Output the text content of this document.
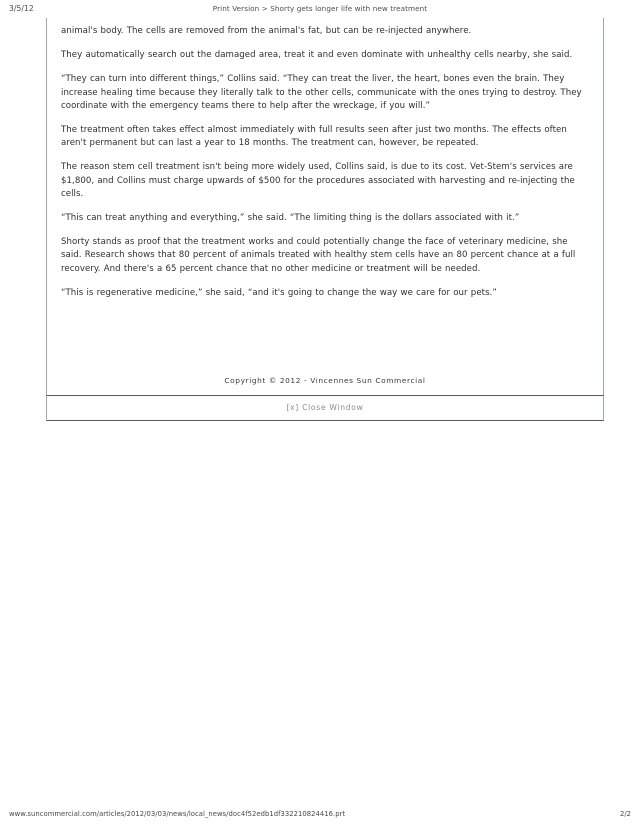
3/5/12	Print Version > Shorty gets longer life with new treatment

animal's body. The cells are removed from the animal's fat, but can be re-injected anywhere.

They automatically search out the damaged area, treat it and even dominate with unhealthy cells nearby, she said.

“They can turn into different things,” Collins said. “They can treat the liver, the heart, bones even the brain. They increase healing time because they literally talk to the other cells, communicate with the ones trying to destroy. They coordinate with the emergency teams there to help after the wreckage, if you will.”

The treatment often takes effect almost immediately with full results seen after just two months. The effects often aren't permanent but can last a year to 18 months. The treatment can, however, be repeated.

The reason stem cell treatment isn't being more widely used, Collins said, is due to its cost. Vet-Stem's services are $1,800, and Collins must charge upwards of $500 for the procedures associated with harvesting and re-injecting the cells.

“This can treat anything and everything,” she said. “The limiting thing is the dollars associated with it.”

Shorty stands as proof that the treatment works and could potentially change the face of veterinary medicine, she said. Research shows that 80 percent of animals treated with healthy stem cells have an 80 percent chance at a full recovery. And there's a 65 percent chance that no other medicine or treatment will be needed.

“This is regenerative medicine,” she said, “and it's going to change the way we care for our pets.”

Copyright © 2012 - Vincennes Sun Commercial
[x] Close Window
www.suncommercial.com/articles/2012/03/03/news/local_news/doc4f52edb1df332210824416.prt	2/2
